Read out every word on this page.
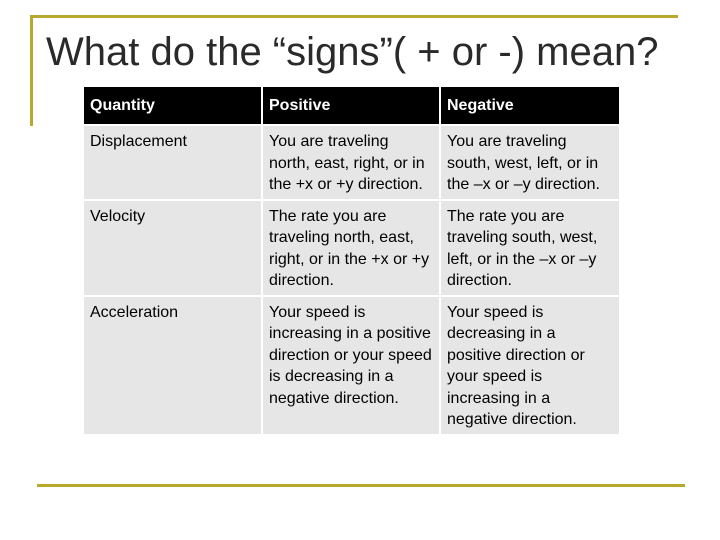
What do the “signs”( + or -) mean?
Quantity	Positive	Negative
Displacement	You are traveling north, east, right, or in the +x or +y direction.	You are traveling south, west, left, or in the –x or –y direction.
Velocity	The rate you are traveling north, east, right, or in the +x or +y direction.	The rate you are traveling south, west, left, or in the –x or –y direction.
Acceleration	Your speed is increasing in a positive direction or your speed is decreasing in a negative direction.	Your speed is decreasing in a positive direction or your speed is increasing in a negative direction.
